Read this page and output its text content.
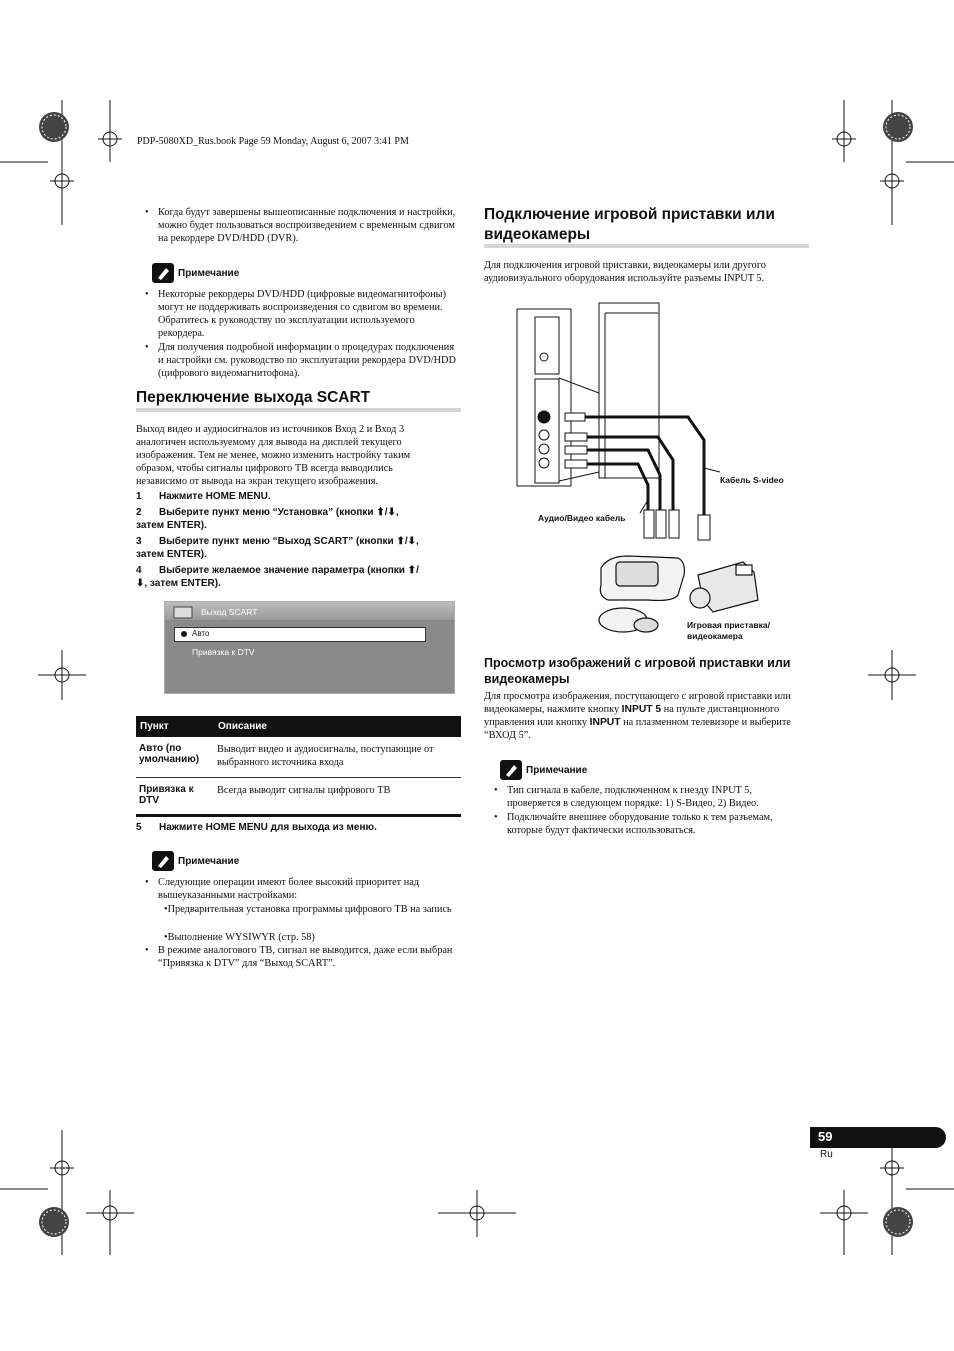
PDP-5080XD_Rus.book Page 59 Monday, August 6, 2007 3:41 PM
• Когда будут завершены вышеописанные подключения и настройки, можно будет пользоваться воспроизведением с временным сдвигом на рекордере DVD/HDD (DVR).
Примечание
• Некоторые рекордеры DVD/HDD (цифровые видеомагнитофоны) могут не поддерживать воспроизведения со сдвигом во времени. Обратитесь к руководству по эксплуатации используемого рекордера.
• Для получения подробной информации о процедурах подключения и настройки см. руководство по эксплуатации рекордера DVD/HDD (цифрового видеомагнитофона).
Переключение выхода SCART
Выход видео и аудиосигналов из источников Вход 2 и Вход 3 аналогичен используемому для вывода на дисплей текущего изображения. Тем не менее, можно изменить настройку таким образом, чтобы сигналы цифрового ТВ всегда выводились независимо от вывода на экран текущего изображения.
1 Нажмите HOME MENU.
2 Выберите пункт меню “Установка” (кнопки ⬆/⬇,
затем ENTER).
3 Выберите пункт меню “Выход SCART” (кнопки ⬆/⬇,
затем ENTER).
4 Выберите желаемое значение параметра (кнопки ⬆/
⬇, затем ENTER).
Выход SCART
Авто
Привязка к DTV
Пункт	Описание
Авто (по умолчанию)	Выводит видео и аудиосигналы, поступающие от выбранного источника входа
Привязка к DTV	Всегда выводит сигналы цифрового ТВ
5 Нажмите HOME MENU для выхода из меню.
Примечание
• Следующие операции имеют более высокий приоритет над вышеуказанными настройками:
•Предварительная установка программы цифрового ТВ на запись
•Выполнение WYSIWYR (стр. 58)
• В режиме аналогового ТВ, сигнал не выводится, даже если выбран “Привязка к DTV” для “Выход SCART”.
Подключение игровой приставки или видеокамеры
Для подключения игровой приставки, видеокамеры или другого аудиовизуального оборудования используйте разъемы INPUT 5.
Кабель S-video
Аудио/Видео кабель
Игровая приставка/
видеокамера
Просмотр изображений с игровой приставки или видеокамеры
Для просмотра изображения, поступающего с игровой приставки или видеокамеры, нажмите кнопку INPUT 5 на пульте дистанционного управления или кнопку INPUT на плазменном телевизоре и выберите “ВХОД 5”.
Примечание
• Тип сигнала в кабеле, подключенном к гнезду INPUT 5, проверяется в следующем порядке: 1) S-Видео, 2) Видео.
• Подключайте внешнее оборудование только к тем разъемам, которые будут фактически использоваться.
59
Ru
